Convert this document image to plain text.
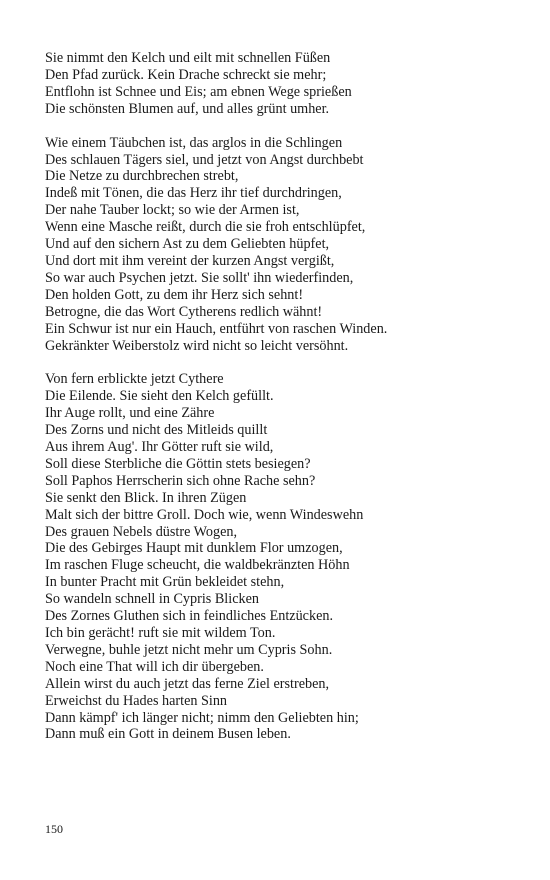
Sie nimmt den Kelch und eilt mit schnellen Füßen
Den Pfad zurück. Kein Drache schreckt sie mehr;
Entflohn ist Schnee und Eis; am ebnen Wege sprießen
Die schönsten Blumen auf, und alles grünt umher.
Wie einem Täubchen ist, das arglos in die Schlingen
Des schlauen Tägers siel, und jetzt von Angst durchbebt
Die Netze zu durchbrechen strebt,
Indeß mit Tönen, die das Herz ihr tief durchdringen,
Der nahe Tauber lockt; so wie der Armen ist,
Wenn eine Masche reißt, durch die sie froh entschlüpfet,
Und auf den sichern Ast zu dem Geliebten hüpfet,
Und dort mit ihm vereint der kurzen Angst vergißt,
So war auch Psychen jetzt. Sie sollt' ihn wiederfinden,
Den holden Gott, zu dem ihr Herz sich sehnt!
Betrogne, die das Wort Cytherens redlich wähnt!
Ein Schwur ist nur ein Hauch, entführt von raschen Winden.
Gekränkter Weiberstolz wird nicht so leicht versöhnt.
Von fern erblickte jetzt Cythere
Die Eilende. Sie sieht den Kelch gefüllt.
Ihr Auge rollt, und eine Zähre
Des Zorns und nicht des Mitleids quillt
Aus ihrem Aug'. Ihr Götter ruft sie wild,
Soll diese Sterbliche die Göttin stets besiegen?
Soll Paphos Herrscherin sich ohne Rache sehn?
Sie senkt den Blick. In ihren Zügen
Malt sich der bittre Groll. Doch wie, wenn Windeswehn
Des grauen Nebels düstre Wogen,
Die des Gebirges Haupt mit dunklem Flor umzogen,
Im raschen Fluge scheucht, die waldbekränzten Höhn
In bunter Pracht mit Grün bekleidet stehn,
So wandeln schnell in Cypris Blicken
Des Zornes Gluthen sich in feindliches Entzücken.
Ich bin gerächt! ruft sie mit wildem Ton.
Verwegne, buhle jetzt nicht mehr um Cypris Sohn.
Noch eine That will ich dir übergeben.
Allein wirst du auch jetzt das ferne Ziel erstreben,
Erweichst du Hades harten Sinn
Dann kämpf' ich länger nicht; nimm den Geliebten hin;
Dann muß ein Gott in deinem Busen leben.
150
